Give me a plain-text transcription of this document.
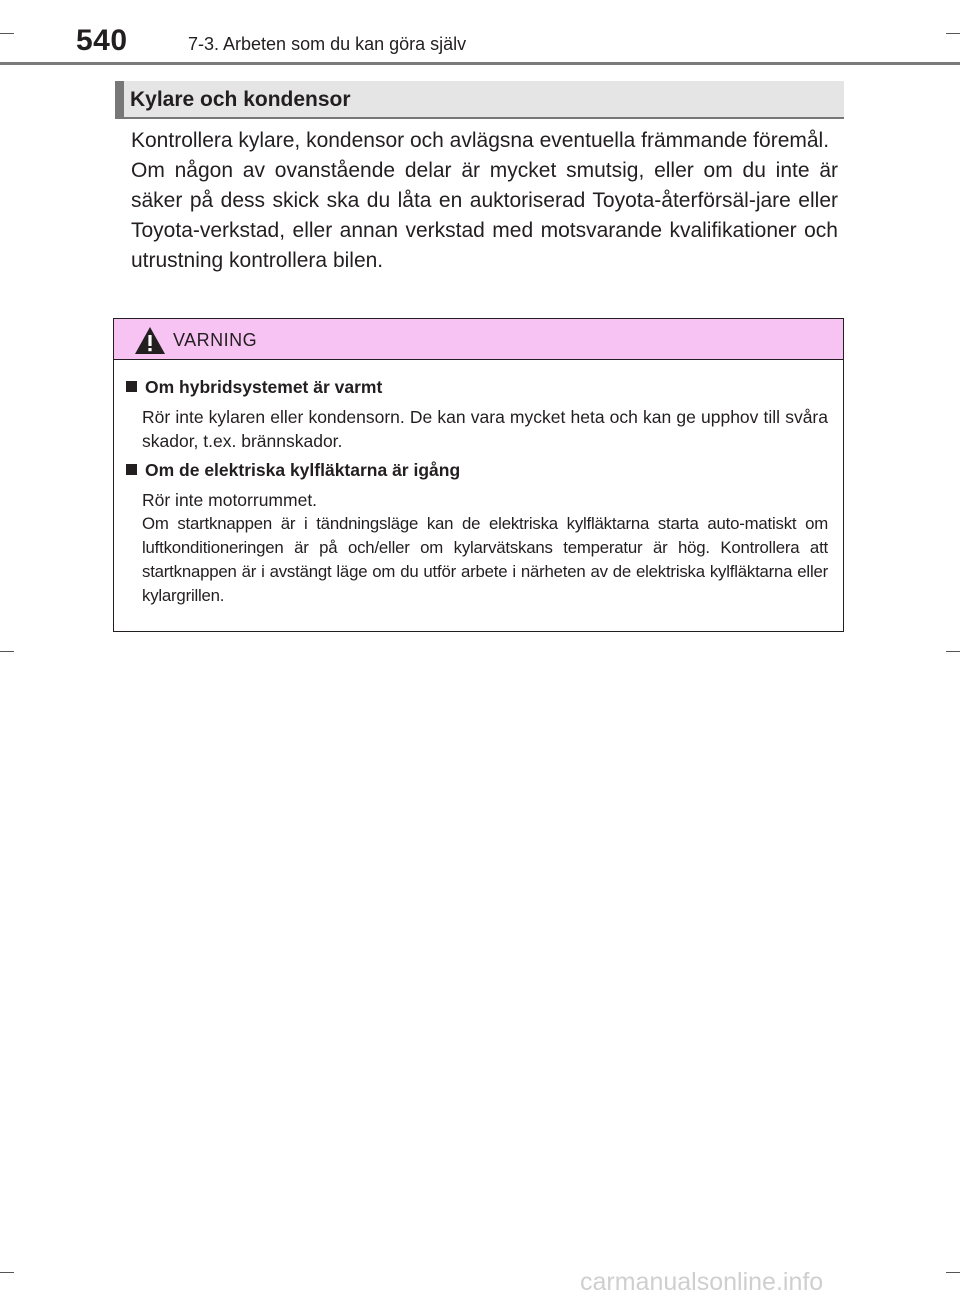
540	7-3. Arbeten som du kan göra själv
Kylare och kondensor

Kontrollera kylare, kondensor och avlägsna eventuella främmande föremål.

Om någon av ovanstående delar är mycket smutsig, eller om du inte är säker på dess skick ska du låta en auktoriserad Toyota-återförsäl-jare eller Toyota-verkstad, eller annan verkstad med motsvarande kvalifikationer och utrustning kontrollera bilen.

VARNING
Om hybridsystemet är varmt

Rör inte kylaren eller kondensorn. De kan vara mycket heta och kan ge upphov till svåra skador, t.ex. brännskador.

Om de elektriska kylfläktarna är igång

Rör inte motorrummet.

Om startknappen är i tändningsläge kan de elektriska kylfläktarna starta auto-matiskt om luftkonditioneringen är på och/eller om kylarvätskans temperatur är hög. Kontrollera att startknappen är i avstängt läge om du utför arbete i närheten av de elektriska kylfläktarna eller kylargrillen.

carmanualsonline.info
